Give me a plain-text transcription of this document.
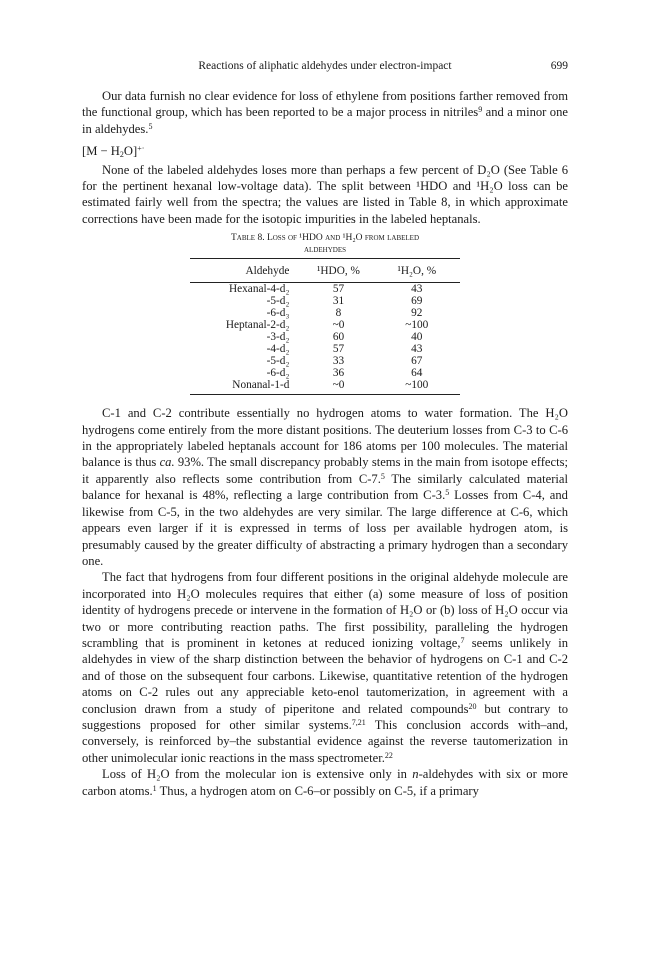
Reactions of aliphatic aldehydes under electron-impact	699

Our data furnish no clear evidence for loss of ethylene from positions farther removed from the functional group, which has been reported to be a major process in nitriles$^9$ and a minor one in aldehydes.$^5$

$[M - H_2O]^{+\cdot}$

None of the labeled aldehydes loses more than perhaps a few percent of D₂O (See Table 6 for the pertinent hexanal low-voltage data). The split between ¹HDO and ¹H₂O loss can be estimated fairly well from the spectra; the values are listed in Table 8, in which approximate corrections have been made for the isotopic impurities in the labeled heptanals.

Table 8. Loss of ¹HDO and ¹H₂O from labeled
aldehydes
Aldehyde	¹HDO, %	¹H₂O, %
Hexanal-4-d₂	57	43
-5-d₂	31	69
-6-d₃	8	92
Heptanal-2-d₂	~0	~100
-3-d₂	60	40
-4-d₂	57	43
-5-d₂	33	67
-6-d₂	36	64
Nonanal-1-d	~0	~100

C-1 and C-2 contribute essentially no hydrogen atoms to water formation. The H₂O hydrogens come entirely from the more distant positions. The deuterium losses from C-3 to C-6 in the appropriately labeled heptanals account for 186 atoms per 100 molecules. The material balance is thus ca. 93%. The small discrepancy probably stems in the main from isotope effects; it apparently also reflects some contribution from C-7.$^5$ The similarly calculated material balance for hexanal is 48%, reflecting a large contribution from C-3.$^5$ Losses from C-4, and likewise from C-5, in the two aldehydes are very similar. The large difference at C-6, which appears even larger if it is expressed in terms of loss per available hydrogen atom, is presumably caused by the greater difficulty of abstracting a primary hydrogen than a secondary one.

The fact that hydrogens from four different positions in the original aldehyde molecule are incorporated into H₂O molecules requires that either (a) some measure of loss of position identity of hydrogens precede or intervene in the formation of H₂O or (b) loss of H₂O occur via two or more contributing reaction paths. The first possibility, paralleling the hydrogen scrambling that is prominent in ketones at reduced ionizing voltage,$^7$ seems unlikely in aldehydes in view of the sharp distinction between the behavior of hydrogens on C-1 and C-2 and of those on the subsequent four carbons. Likewise, quantitative retention of the hydrogen atoms on C-2 rules out any appreciable keto-enol tautomerization, in agreement with a conclusion drawn from a study of piperitone and related compounds$^{20}$ but contrary to suggestions proposed for other similar systems.$^{7,21}$ This conclusion accords with–and, conversely, is reinforced by–the substantial evidence against the reverse tautomerization in other unimolecular ionic reactions in the mass spectrometer.$^{22}$

Loss of H₂O from the molecular ion is extensive only in n-aldehydes with six or more carbon atoms.$^1$ Thus, a hydrogen atom on C-6–or possibly on C-5, if a primary
